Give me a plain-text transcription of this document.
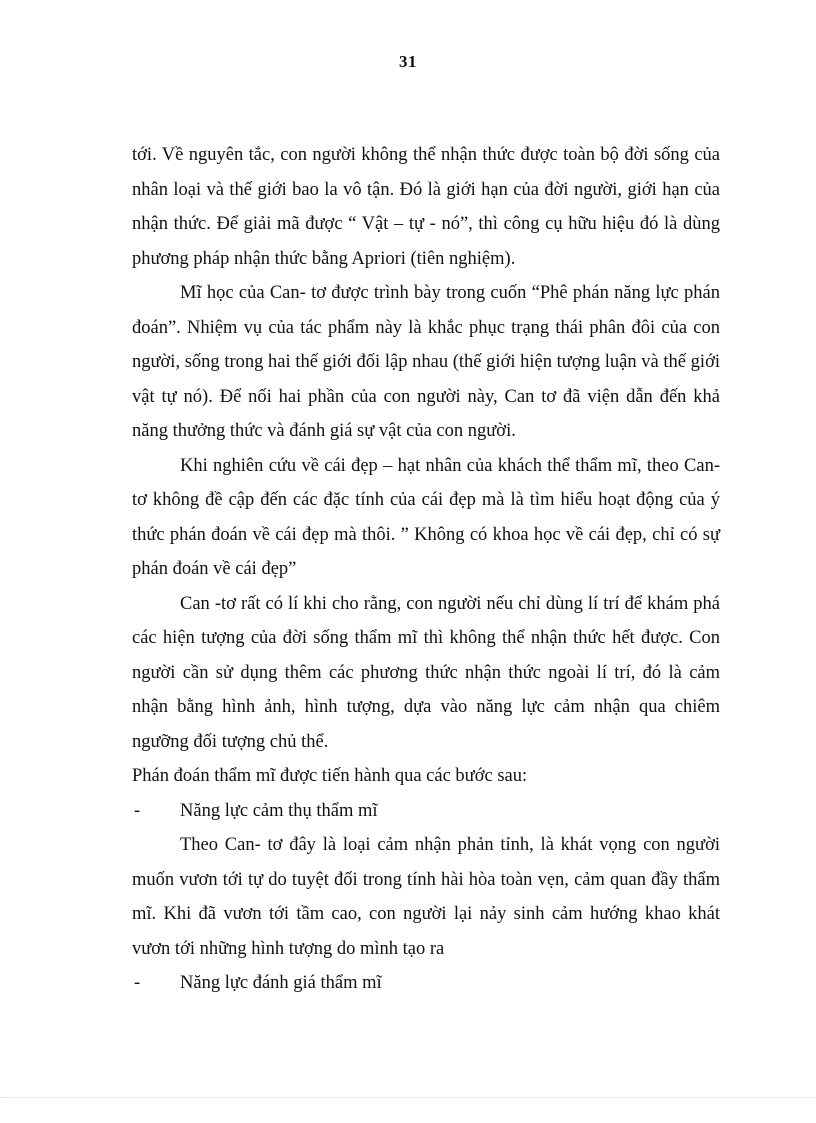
31

tới. Về nguyên tắc, con người không thể nhận thức được toàn bộ đời sống của nhân loại và thế giới bao la vô tận. Đó là giới hạn của đời người, giới hạn của nhận thức. Để giải mã được “ Vật – tự - nó”, thì công cụ hữu hiệu đó là dùng phương pháp nhận thức bằng Apriori (tiên nghiệm).

Mĩ học của Can- tơ được trình bày trong cuốn “Phê phán năng lực phán đoán”. Nhiệm vụ của tác phẩm này là khắc phục trạng thái phân đôi của con người, sống trong hai thế giới đối lập nhau (thế giới hiện tượng luận và thế giới vật tự nó). Để nối hai phần của con người này, Can tơ đã viện dẫn đến khả năng thưởng thức và đánh giá sự vật của con người.

Khi nghiên cứu về cái đẹp – hạt nhân của khách thể thẩm mĩ, theo Can- tơ không đề cập đến các đặc tính của cái đẹp mà là tìm hiểu hoạt động của ý thức phán đoán về cái đẹp mà thôi. ” Không có khoa học về cái đẹp, chỉ có sự phán đoán về cái đẹp”

Can -tơ rất có lí khi cho rằng, con người nếu chỉ dùng lí trí để khám phá các hiện tượng của đời sống thẩm mĩ thì không thể nhận thức hết được. Con người cần sử dụng thêm các phương thức nhận thức ngoài lí trí, đó là cảm nhận bằng hình ảnh, hình tượng, dựa vào năng lực cảm nhận qua chiêm ngưỡng đối tượng chủ thể.

Phán đoán thẩm mĩ được tiến hành qua các bước sau:

-	Năng lực cảm thụ thẩm mĩ

Theo Can- tơ đây là loại cảm nhận phản tỉnh, là khát vọng con người muốn vươn tới tự do tuyệt đối trong tính hài hòa toàn vẹn, cảm quan đầy thẩm mĩ. Khi đã vươn tới tầm cao, con người lại nảy sinh cảm hướng khao khát vươn tới những hình tượng do mình tạo ra

-	Năng lực đánh giá thẩm mĩ
